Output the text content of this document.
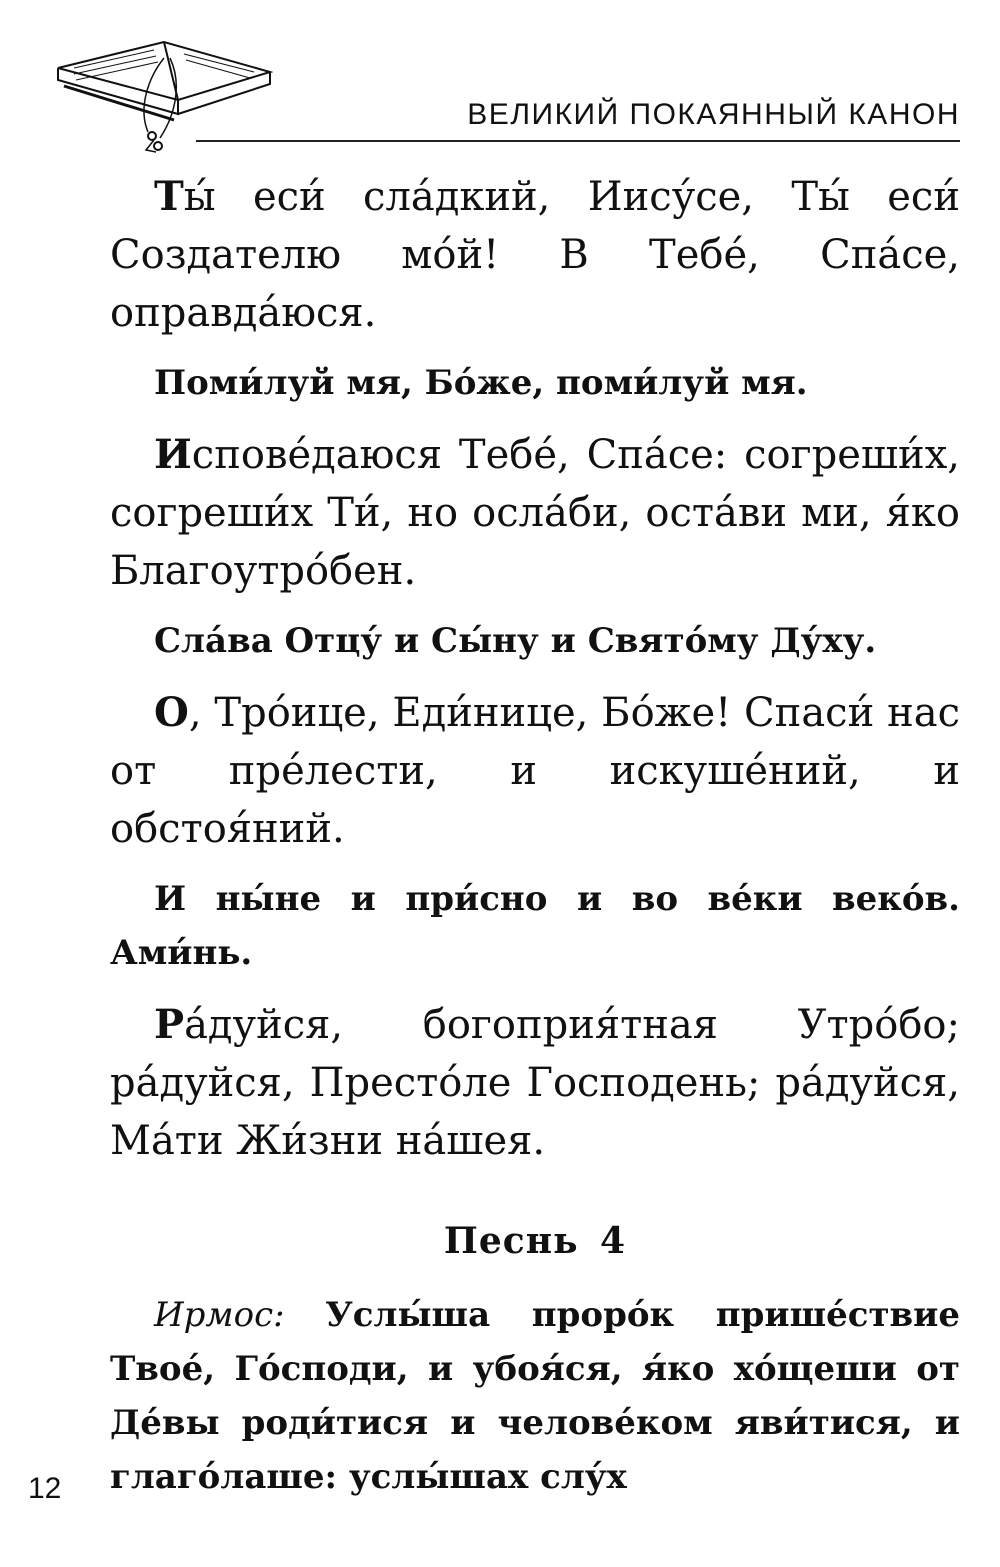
ВЕЛИКИЙ ПОКАЯННЫЙ КАНОН

Ты́ еси́ сла́дкий, Иису́се, Ты́ еси́ Создателю мо́й! В Тебе́, Спа́се, оправда́юся.

Поми́луй мя, Бо́же, поми́луй мя.

Испове́даюся Тебе́, Спа́се: согреши́х, согреши́х Ти́, но осла́би, оста́ви ми, я́ко Благоутро́бен.

Сла́ва Отцу́ и Сы́ну и Свято́му Ду́ху.

О, Тро́ице, Еди́нице, Бо́же! Спаси́ нас от пре́лести, и искуше́ний, и обстоя́ний.

И ны́не и при́сно и во ве́ки веко́в. Ами́нь.

Ра́дуйся, богоприя́тная Утро́бо; ра́дуйся, Престо́ле Господень; ра́дуйся, Ма́ти Жи́зни на́шея.

Песнь 4

Ирмос: Услы́ша проро́к прише́ствие Твое́, Го́споди, и убоя́ся, я́ко хо́щеши от Де́вы роди́тися и челове́ком яви́тися, и глаго́лаше: услы́шах слу́х

12
